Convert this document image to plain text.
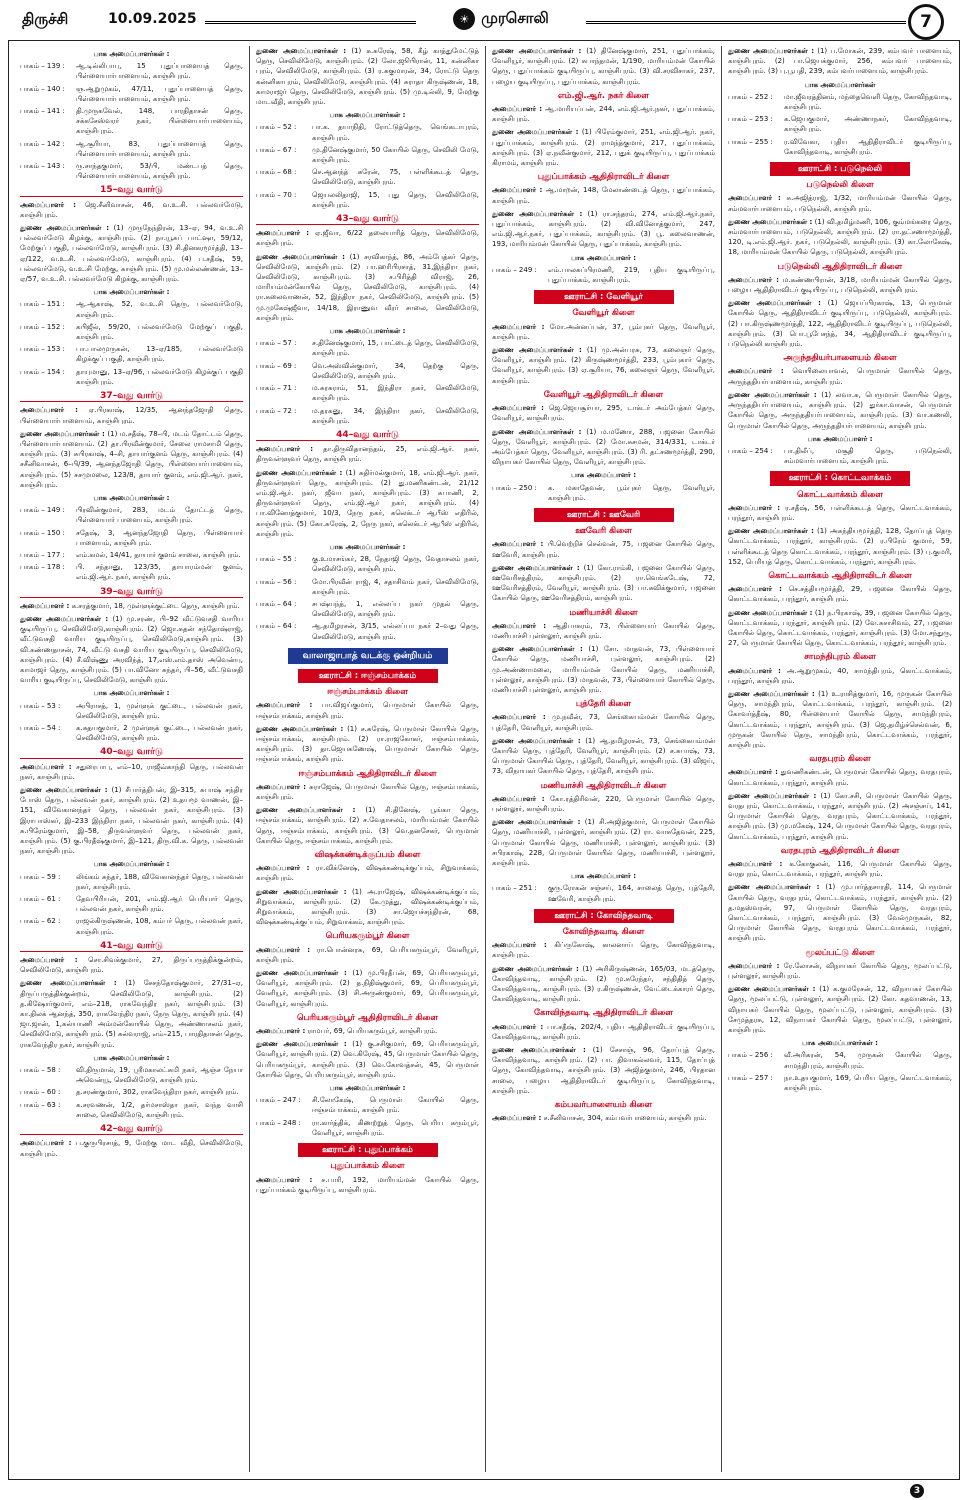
திருச்சி	10.09.2025	☀ முரசொலி	7
பாக அமைப்பாளர்கள் :
பாகம் – 139 :	ஆ.டில்லிபாபு, 15 புதுப்பாளையத் தெரு, பிள்ளையார்பாளையம், காஞ்சிபுரம்.
பாகம் – 140 :	ஞ.ஆறுமுகம், 47/11, புதுப்பாளையத் தெரு, பிள்ளையார்பாளையம், காஞ்சிபுரம்.
பாகம் – 141 :	தி.முருகவேல், 148, பாரதிதாசன் தெரு, சக்கசேஸ்வரர் நகர், பிள்ளையார்பாளையம், காஞ்சிபுரம்.
பாகம் – 142 :	ஆ.சூரியா, 83, புதுப்பாளையத் தெரு, பிள்ளையார்பாளையம், காஞ்சிபுரம்.
பாகம் – 143 :	ரு.சாந்தகுமார், 53/பி, மண்டபத் தெரு, பிள்ளையார்பாளையம், காஞ்சிபுரம்.
15–வது வார்டு
அமைப்பாளர் : ஜெ.சீனிவாசன், 46, வ.உ.சி. பல்லவர்மேடு, காஞ்சிபுரம்.
துணை அமைப்பாளர்கள் : (1) முருநேந்திரன், 13–ஏ, 94, வ.உ.சி பல்லவர்மேடு கிழக்கு, காஞ்சிபுரம். (2) நா.யூசுப் பாட்ஷா, 59/12, மேற்குப் பகுதி, பல்லவர்மேடு, காஞ்சிபுரம். (3) சி.தினகரமூர்த்தி, 13–ஏ/122, வ.உ.சி. பல்லவர்மேடு, காஞ்சிபுரம். (4) ப.சதீஷ், 59, பல்லவர்மேடு, வ.உ.சி மேற்கு, காஞ்சிபுரம். (5) மு.மல்லண்ணன், 13–ஏ/57, வ.உ.சி. பல்லவர்மேடு கிழக்கு, காஞ்சிபுரம்.
பாக அமைப்பாளர்கள் :
பாகம் – 151 :	ஆ.ஆகாஷ், 52, வ.உ.சி தெரு, பல்லவர்மேடு, காஞ்சிபுரம்.
பாகம் – 152 :	கபிஜீல், 59/20, பல்லவர்மேடு மேற்குப் பகுதி, காஞ்சிபுரம்.
பாகம் – 153 :	பா.பாலமுருகன், 13–ஏ/185, பல்லவர்மேடு கிழக்குப் பகுதி, காஞ்சிபுரம்.
பாகம் – 154 :	தாயுமானு, 13–ஏ/96, பல்லவர்மேடு கிழக்குப் பகுதி காஞ்சிபுரம்.
37–வது வார்டு
அமைப்பாளர் : ஏ.பிரகாஷ், 12/35, ஆனந்தஜோதி தெரு, பிள்ளையார்பாளையம், காஞ்சிபுரம்.
துணை அமைப்பாளர்கள் : (1) ம.சதீஷ், 78–பி, மடம் தோட்டம் தெரு, பிள்ளையார்பாளையம். (2) தா.பிரவீன்குமார், சேலை ராமசாமி தெரு, காஞ்சிபுரம். (3) சுபிரகாஷ், 4–சி, தாயார்குளம் தெரு, காஞ்சிபுரம். (4) சசீனிவாசன், 6–பி/39, ஆனந்தஜோதி தெரு, பிள்ளையார்பாளையம், காஞ்சிபுரம். (5) சசமுமலை, 123/8, தாயார் குளம், எம்.ஜி.ஆர். நகர், காஞ்சிபுரம்.
பாக அமைப்பாளர்கள் :
பாகம் – 149 :	பிரவின்குமார், 283, மடம் தோட்டத் தெரு, பிள்ளையார் பாளையம், காஞ்சிபுரம்.
பாகம் – 150 :	சதேஷ், 3, ஆனந்தஜோதி தெரு, பிள்ளையார் பாளையம், காஞ்சிபுரம்.
பாகம் – 177 :	எம்.கமல், 14/41, தாயார் குளம் சாலை, காஞ்சிபுரம்.
பாகம் – 178 :	பி. சந்தானு, 123/35, தாயாரம்மன் குளம், எம்.ஜி.ஆர். நகர், காஞ்சிபுரம்.
39–வது வார்டு
அமைப்பாளர் : க.சரத்குமார், 18, முள்ளுக்குட்டை தெரு, காஞ்சிபுரம்.
துணை அமைப்பாளர்கள் : (1) மு.சரண், பி–92 வீட்டுவசதி வாரிய குடியிருப்பு, செவிலிமேடு,காஞ்சிபுரம். (2) ஜொ.சுதன் சந்தோஷ்ராஜ், வீட்டுவசதி வாரிய குடியிருப்பு, செவிலிமேடு,காஞ்சிபுரம். (3) வி.கண்ணதாசன், 74, வீட்டு வசதி வாரிய குடியிருப்பு, செவிலிமேடு, காஞ்சிபுரம். (4) சீ.விஷ்ணு அரவிந்த், 17,எஸ்.எம்.தாஸ் அவென்யு, காமாஜர் தெரு, காஞ்சிபுரம். (5) பா.வினோ சுந்தர், பி–56, வீட்டுவசதி வாரிய குடியிருப்பு, செவிலிமேடு, காஞ்சிபுரம்.
பாக அமைப்பாளர்கள் :
பாகம் – 53 :	அபிராசத், 1, முள்ளுக் குட்டை, பல்லவன் நகர், செவிலிமேடு, காஞ்சிபுரம்.
பாகம் – 54 :	க.சுதயகுமார், 2 முள்ளுக் குட்டை, பல்லவன் நகர், செவிலிமேடு, காஞ்சிபுரம்.
40–வது வார்டு
அமைப்பாளர் : சதுரைபாபு, எம்–10, ராஜீவ்காந்தி தெரு, பல்லவன் நகர், காஞ்சிபுரம்.
துணை அமைப்பாளர்கள் : (1) சீபார்த்திபன், இ–315, சுபாஷ் சந்திர போஸ் தெரு, பல்லவன் நகர், காஞ்சிபுரம். (2) உதயமூ வாணன், இ–151, விவேகானந்தர் தெரு, பல்லவன் நகர், காஞ்சிபுரம். (3) இராபாஸ்கர், இ–233 இந்திரா நகர், பல்லவன் நகர், காஞ்சிபுரம். (4) சு.பிரேம்குமார், இ–58, திருவள்ளுவர் தெரு, பல்லவன் நகர், காஞ்சிபுரம். (5) கு.பிரதீஷ்குமார், இ–121, திரு.வி.க. தெரு, பல்லவன் நகர், காஞ்சிபுரம்.
பாக அமைப்பாளர்கள் :
பாகம் – 59 :	லிங்கம் சுந்தர், 188, விவேகானந்தர் தெரு, பல்லவன் நகர், காஞ்சிபுரம்.
பாகம் – 61 :	தேவபிரியன், 201, எம்.ஜி.ஆர் பெரியார் தெரு, பல்லவன் நகர், காஞ்சிபுரம்.
பாகம் – 62 :	ராஜல்கிருஷ்ணன், 108, கம்பர் தெரு, பல்லவன் நகர், காஞ்சிபுரம்.
41–வது வார்டு
அமைப்பாளர் : சொ.சிவக்குமார், 27, திருப்பருத்திக்குன்றம், செவிலிமேடு, காஞ்சிபுரம்.
துணை அமைப்பாளர்கள் : (1) சேசந்தோஷ்குமார், 27/31–ஏ, திருப்பருத்திக்குன்றம், செவிலிமேடு, காஞ்சிபுரம். (2) த.கிஷோர்குமார், எம்–218, ராகவேந்திர நகர், காஞ்சிபுரம். (3) கா.திலக் ஆனந்த், 350, ராகவேந்திர நகர், நேரு தெரு, காஞ்சிபுரம். (4) ஜா.ஜான், 1,சுல்யாணி அம்மன்கோயில் தெரு, அண்ணாசலம் நகர், செவிலிமேடு, காஞ்சிபுரம். (5) சுல்வராஜ், எம்–215, பாரதிதாசன் தெரு, ராகவேந்திர நகர், காஞ்சிபுரம்.
பாக அமைப்பாளர்கள் :
பாகம் – 58 :	வி.திருமால், 19, ஸ்ரீமகாலட்சுமி நகர், ஆஞ்ச நேயா அவென்யூ, செவிலிமேடு, காஞ்சிபுரம்.
பாகம் – 60 :	த.சரண்குமார், 302, ராகவேந்திரா நகர், காஞ்சிபுரம்.
பாகம் – 63 :	க.சரவணன், 1/2, தர்மசாஸ்தா நகர், வந்த வாசி சாலை, செவிலிமேடு, காஞ்சிபுரம்.
42–வது வார்டு
அமைப்பாளர் : ப.குருபிரசாத், 9, மேற்கு மாட வீதி, செவிலிமேடு, காஞ்சிபுரம்.
துணை அமைப்பாளர்கள் : (1) சு.சுரேஷ், 58, கீழ் காத்துமேட்டுத் தெரு, செவிலிமேடு, காஞ்சிபுரம். (2) லோ.ஜூபிரான், 11, கன்னிகா புரம், செவிலிமேடு, காஞ்சிபுரம். (3) ர.சுகுமாரன், 34, ரோட்டு தெரு கன்னிகாபுரம், செவிலிமேடு, காஞ்சிபுரம். (4) சுராதா கிருஷ்ணன், 18, காமராஜர் தெரு, செவிலிமேடு, காஞ்சிபுரம். (5) மு.டில்லி, 9, மேற்கு மாடவீதி, காஞ்சிபுரம்.
பாக அமைப்பாளர்கள் :
பாகம் – 52 :	பா.க. தயாநிதி, ரோட்டுத்தெரு, வெங்கடாபுரம், காஞ்சிபுரம்.
பாகம் – 67 :	மு.தினேஷ்குமார், 50 கோயில் தெரு, செவிலி மேடு, காஞ்சிபுரம்.
பாகம் – 68 :	செ.ஆனந்த் சுரேன், 75, பள்ளிக்கூடத் தெரு, செவிலிமேடு, காஞ்சிபுரம்.
பாகம் – 70 :	ஜெயலலிதாஜி, 15, புது தெரு, செவிலிமேடு, காஞ்சிபுரம்.
43–வது வார்டு
அமைப்பாளர் : ஏ.ஜீவா, 6/22 தலையாரித் தெரு, செவிலிமேடு, காஞ்சிபுரம்.
துணை அமைப்பாளர்கள் : (1) சரவிகாந்த், 86, அம்பேத்கர் தெரு, செவிலிமேடு, காஞ்சிபுரம். (2) பா.ஹரிபிரசாத், 31,இந்திரா நகர், செவிலிமேடு, காஞ்சிபுரம். (3) ச.பிரித்தி விராஜ், 26, மாரியம்மன்கோயில் தெரு, செவிலிமேடு, காஞ்சிபுரம். (4) ரா.கலைவாணன், 52, இந்திரா நகர், செவிலிமேடு, காஞ்சிபுரம். (5) மு.முகேஷ்ஜீவா, 14/18, இராணுவ வீரர் சாலை, செவிலிமேடு, காஞ்சிபுரம்.
பாக அமைப்பாளர்கள் :
பாகம் – 57 :	ச.தினேஷ்குமார், 15, பாட்டைத் தெரு, செவிலிமேடு, காஞ்சிபுரம்.
பாகம் – 69 :	வெ.அஸ்வின்குமார், 34, தெற்கு தெரு, செவிலிமேடு, காஞ்சிபுரம்.
பாகம் – 71 :	ம.சுரசுராம், 51, இந்திரா நகர், செவிலிமேடு, காஞ்சிபுரம்.
பாகம் – 72 :	ம.தரகனு, 34, இந்திரா நகர், செவிலிமேடு, காஞ்சிபுரம்.
44–வது வார்டு
அமைப்பாளர் : தா.திருவிதானந்தம், 25, எம்.ஜி.ஆர். நகர், திருவள்ளுவர் தெரு, காஞ்சிபுரம்.
துணை அமைப்பாளர்கள் : (1) சுதிர்மல்குமார், 18, எம்.ஜி.ஆர். நகர், திருவள்ளுவர் தெரு, காஞ்சிபுரம். (2) து.மணிகண்டன், 21/12 எம்.ஜி.ஆர். நகர், ஜீவா நகர், காஞ்சிபுரம். (3) சுபாணி, 2, திருவள்ளுவர் தெரு, எம்.ஜி.ஆர் நகர், காஞ்சிபுரம். (4) பா.வினோத்குமார், 10/3, நேரு நகர், கலெக்டர் ஆபீஸ் எதிரில், காஞ்சிபுரம். (5) கோ.சுரேஷ், 2, நேரு நகர், கலெக்டர் ஆபீஸ் எதிரில், காஞ்சிபுரம்.
பாக அமைப்பாளர்கள் :
பாகம் – 55 :	கு.உமாசங்கர், 28, நேதாஜி தெரு, வேதாசலம் நகர், செவிலிமேடு, காஞ்சிபுரம்.
பாகம் – 56 :	மோ.பிரவீன் ராஜ், 4, சதாசிவம் நகர், செவிலிமேடு, காஞ்சிபுரம்.
பாகம் – 64 :	சபஷ்யந்த், 1, எல்லப்ப நகர் முதல் தெரு, செவிலிமேடு, காஞ்சிபுரம்.
பாகம் – 64 :	ஆ.தமிழரசன், 3/15, எல்லப்பா நகர் 2–வது தெரு, செவிலிமேடு, காஞ்சிபுரம்.
வாலாஜாபாத் வடக்கு ஒன்றியம்
ஊராட்சி : ஈஞ்சம்பாக்கம்
ஈஞ்சம்பாக்கம் கிளை
அமைப்பாளர் : பா.விஜய்குமார், பெருமாள் கோயில் தெரு, ஈஞ்சம்பாக்கம், காஞ்சிபுரம்.
துணை அமைப்பாளர்கள் : (1) ச.சுரேஷ், பெருமாள் கோயில் தெரு, ஈஞ்சம்பாக்கம், காஞ்சிபுரம். (2) ரா.ராஜகோகர், ஈஞ்சம்பாக்கம், காஞ்சிபுரம். (3) தா.ஜெயகணேஷ், பெருமாள் கோயில் தெரு, ஈஞ்சம்பாக்கம், காஞ்சிபுரம்.
ஈஞ்சம்பாக்கம் ஆதிதிராவிடர் கிளை
அமைப்பாளர் : சுராஜேஷ், பெருமாள் கோயில் தெரு, ஈஞ்சம்பாக்கம், காஞ்சிபுரம்.
துணை அமைப்பாளர்கள் : (1) சி.தினேஷ், பூங்கா தெரு, ஈஞ்சம்பாக்கம், காஞ்சிபுரம். (2) ச.வேதாசலம், மாரியம்மன் கோயில் தெரு, ஈஞ்சம்பாக்கம், காஞ்சிபுரம். (3) வெ.தனசேகர், பெருமாள் கோயில் தெரு, ஈஞ்சம்பாக்கம், காஞ்சிபுரம்.
விஷக்கண்டிக்குப்பம் கிளை
அமைப்பாளர் : ரா.விக்னேஷ், விஷக்கண்டிக்குப்பம், சிறுவாக்கம், காஞ்சிபுரம்.
துணை அமைப்பாளர்கள் : (1) அ.ராஜேஷ், விஷக்கண்டிக்குப்பம், சிறுவாக்கம், காஞ்சிபுரம். (2) கே.முத்து, விஷக்கண்டிக்குப்பம், சிறுவாக்கம், காஞ்சிபுரம். (3) சா.ஜெயச்சந்திரன், 68, விஷக்கண்டிக்குப்பம், சிறுவாக்கம், காஞ்சிபுரம்.
பெரியகரும்பூர் கிளை
அமைப்பாளர் : ரா.பொன்னரசு, 69, பெரியகரும்பூர், வேளியூர், காஞ்சிபுரம்.
துணை அமைப்பாளர்கள் : (1) மு.பிரதீபன், 69, பெரியகரும்பூர், வேளியூர், காஞ்சிபுரம். (2) த.நிதிஷ்குமார், 69, பெரியகரும்பூர், வேளியூர், காஞ்சிபுரம். (3) சி.அருண்குமார், 69, பெரியகரும்பூர், வேளியூர், காஞ்சிபுரம்.
பெரியகரும்பூர் ஆதிதிராவிடர் கிளை
அமைப்பாளர் : ராமபர், 69, பெரியகரும்பூர், காஞ்சிபுரம்.
துணை அமைப்பாளர்கள் : (1) கு.சசிகுமார், 69, பெரியகரும்பூர், வேளியூர், காஞ்சிபுரம். (2) வெ.கிரேஷ், 45, பெருமாள் கோயில் தெரு, பெரியகரும்பூர், காஞ்சிபுரம். (3) வெ.கோவத்சன், 45, பெருமாள் கோயில் தெரு, பெரியகரும்பூர், காஞ்சிபுரம்.
பாக அமைப்பாளர்கள் :
பாகம் – 247 :	சி.லோகேஷ், பெருமாள் கோயில் தெரு, ஈஞ்சம்பாக்கம், காஞ்சிபுரம்.
பாகம் – 248 :	ரா.கார்த்திக், கிணற்றுத் தெரு, பெரிய கரும்பூர், வேளியூர், காஞ்சிபுரம்.
ஊராட்சி : புதுப்பாக்கம்
புதுப்பாக்கம் கிளை
அமைப்பாளர் : ச.பாரி, 192, மாரியம்மன் கோயில் தெரு, புதுப்பாக்கம் குடியிருப்பு, காஞ்சிபுரம்.
துணை அமைப்பாளர்கள் : (1) தினேஷ்குமார், 251, புதுப்பாக்கம், வேளியூர், காஞ்சிபுரம். (2) சுபாந்தமன், 1/190, மாரியம்மன் கோயில் தெரு, புதுப்பாக்கம் குடியிருப்பு, காஞ்சிபுரம். (3) வி.சரவிசாகர், 237, பழைய குடியிருப்பு, புதுப்பாக்கம், காஞ்சிபுரம்.
எம்.ஜி.ஆர். நகர் கிளை
அமைப்பாளர் : ஆ.மாரியப்பன், 244, எம்.ஜி.ஆர்.நகர், புதுப்பாக்கம், காஞ்சிபுரம்.
துணை அமைப்பாளர்கள் : (1) பிரேம்குமார், 251, எம்.ஜி.ஆர். நகர், புதுப்பாக்கம், காஞ்சிபுரம். (2) ராமந்த்குமார், 217, புதுப்பாக்கம், காஞ்சிபுரம். (3) ஏ.நவீன்குமார், 212, புதுக் குடியிருப்பு, புதுப்பாக்கம் கிராமம், காஞ்சிபுரம்.
புதுப்பாக்கம் ஆதிதிராவிடர் கிளை
அமைப்பாளர் : ஆ.மாறன், 148, மேலாண்டைத் தெரு, புதுப்பாக்கம், காஞ்சிபுரம்.
துணை அமைப்பாளர்கள் : (1) ரா.சந்தரம், 274, எம்.ஜி.ஆர்.நகர், புதுப்பாக்கம், காஞ்சிபுரம். (2) வி.வினோத்குமார், 247, எம்.ஜி.ஆர்.நகர், புதுப்பாக்கம், காஞ்சிபுரம். (3) பூ. கலைவாணன், 193, மாரியம்மன் கோயில் தெரு, புதுப்பாக்கம், காஞ்சிபுரம்.
பாக அமைப்பாளர் :
பாகம் – 249 :	எம்.பாலசுப்பிரமணி, 219, புதிய குடியிருப்பு, புதுப்பாக்கம், காஞ்சிபுரம்.
ஊராட்சி : வேளியூர்
வேளியூர் கிளை
அமைப்பாளர் : மோ.அன்னப்பன், 37, பூம்புகர் தெரு, வேளியூர், காஞ்சிபுரம்.
துணை அமைப்பாளர்கள் : (1) மு.அன்பரசு, 73, கலைஞர் தெரு, வேளியூர், காஞ்சிபுரம். (2) கிருஷ்ணமூர்த்தி, 233, பூம்புகார் தெரு, வேளியூர், காஞ்சிபுரம். (3) ஏ.சூரியா, 76, கலைஞர் தெரு, வேளியூர், காஞ்சிபுரம்.
வேளியூர் ஆதிதிராவிடர் கிளை
அமைப்பாளர் : ஜெ.ஜெயசூர்யா, 295, டாக்டர் அம்பேத்கர் தெரு, வேளியூர், காஞ்சிபுரம்.
துணை அமைப்பாளர்கள் : (1) ம.மணோ, 288, பஜனை கோயில் தெரு, வேளியூர், காஞ்சிபுரம். (2) மோ.சுசமன், 314/331, டாக்டர் அம்பேத்கர் தெரு, வேளியூர், காஞ்சிபுரம். (3) ரி. தட்சணமூர்த்தி, 290, விநாயகர் கோயில் தெரு, வேளியூர், காஞ்சிபுரம்.
பாக அமைப்பாளர் :
பாகம் – 250 :	க. மகாதேவன், பூம்புகர் தெரு, வேளியூர், காஞ்சிபுரம்.
ஊராட்சி : ஊவேரி
ஊவேரி கிளை
அமைப்பாளர் : பி.வெற்றிச் செல்வன், 75, பஜனை கோயில் தெரு, ஊவேரி, காஞ்சிபுரம்.
துணை அமைப்பாளர்கள் : (1) கோ.ராம்கி, பஜனை கோயில் தெரு, ஊவேரிசத்திரம், காஞ்சிபுரம். (2) ரா.வெங்கடேஷ், 72, ஊவேரிசத்திரம், வேளியூர், காஞ்சிபுரம். (3) பா.சுவிக்குமார், பஜனை கோயில் தெரு, ஊவேரிசத்திரம், காஞ்சிபுரம்.
மணியாச்சி கிளை
அமைப்பாளர் : ஆதிபாசுரம், 73, பிள்ளையார் கோயில் தெரு, மணியாச்சி புள்ளலூர், காஞ்சிபுரம்.
துணை அமைப்பாளர்கள் : (1) சோ. மாதவன், 73, பிள்ளையார் கோயில் தெரு, மணியாச்சி, புள்ளலூர், காஞ்சிபுரம். (2) மு.அண்ணாமலை, மாரியம்மன் கோயில் தெரு, மணியாச்சி, புள்ளலூர், காஞ்சிபுரம். (3) மாதவன், 73, பிள்ளையார் கோயில் தெரு, மணியாச்சி புள்ளலூர், காஞ்சிபுரம்.
புத்தேரி கிளை
அமைப்பாளர் : மு.நவீன், 73, செங்கையம்மன் கோயில் தெரு, புத்தேரி, வேளியூர், காஞ்சிபுரம்.
துணை அமைப்பாளர்கள் : (1) ஆ.தமிழரசன், 73, செங்கையம்மன் கோயில் தெரு, புத்தேரி, வேளியூர், காஞ்சிபுரம். (2) ச.சுபாஷ், 73, பெருமாள் கோயில் தெரு, புத்தேரி, வேளியூர், காஞ்சிபுரம். (3) விஜய், 73, விநாயகர் கோயில் தெரு, புத்தேரி, காஞ்சிபுரம்.
மணியாச்சி ஆதிதிராவிடர் கிளை
அமைப்பாளர் : கோ.ரத்திரிவன், 220, பெருமாள் கோயில் தெரு, புள்ளலூர், காஞ்சிபுரம்.
துணை அமைப்பாளர்கள் : (1) சி.அஜித்குமார், பெருமாள் கோயில் தெரு, மணியாச்சி, புள்ளலூர், காஞ்சிபுரம். (2) ரா. வாசுதேவன், 225, பெருமாள் கோயில் தெரு, மணியாச்சி, புள்ளலூர், காஞ்சிபுரம். (3) சபிரகாஷ், 228, பெருமாள் கோயில் தெரு, மணியாச்சி, புள்ளலூர், காஞ்சிபுரம்.
பாக அமைப்பாளர் :
பாகம் – 251 :	குரு.ரோகன் சஞ்சய், 164, சாலைத் தெரு, புத்தேரி, ஊவேரி, காஞ்சிபுரம்.
ஊராட்சி : கோவிந்தவாடி
கோவிந்தவாடி கிளை
அமைப்பாளர் : கிப்ருகோஷ், காலனாய் தெரு, கோவிந்தவாடி, காஞ்சிபுரம்.
துணை அமைப்பாளர்கள் : (1) அரிகிருஷ்ணன், 165/03, மடத்தெரு, கோவிந்தவாடி, காஞ்சிபுரம். (2) மு.சுரேந்தர், சந்திதித் தெரு, கோவிந்தவாடி, காஞ்சிபுரம். (3) ர.கிருஷ்ணன், வேட்டைக்காரர் தெரு, கோவிந்தவாடி, காஞ்சிபுரம்.
கோவிந்தவாடி ஆதிதிராவிடர் கிளை
அமைப்பாளர் : பா.சதீஷ், 202/4, புதிய ஆதிதிராவிடர் குடியிருப்பு, கோவிந்தவாடி, காஞ்சிபுரம்.
துணை அமைப்பாளர்கள் : (1) சேசாஞ், 96, தோப்புத் தெரு, கோவிந்தவாடி, காஞ்சிபுரம். (2) பா. திவாகல்லவர், 115, தோப்புத் தெரு, கோவிந்தவாடி, காஞ்சிபுரம். (3) அஜித்குமார், 246, பிரதான சாலை, பழைய ஆதிதிராவிடர் குடியிருப்பு, கோவிந்தவாடி, காஞ்சிபுரம்.
கம்பவர்பாளையம் கிளை
அமைப்பாளர் : ச.சீனிவாசன், 304, கம்பவர்பாளையம், காஞ்சிபுரம்.
துணை அமைப்பாளர்கள் : (1) ப.மோகன், 239, கம்பவர் பாளையம், காஞ்சிபுரம். (2) பா.ஜெயக்குமார், 256, கம்பவர் பாளையம், காஞ்சிபுரம். (3) பு.பூபதி, 239, கம்பவர்பாளையம், காஞ்சிபுரம்.
பாக அமைப்பாளர்கள்
பாகம் – 252 :	மா.ஜீவரத்தினம், மந்தைவெளி தெரு, கோவிந்தவாடி, காஞ்சிபுரம்.
பாகம் – 253 :	க.ஜெயகுமார், அண்ணாநகர், கோவிந்தவாடி, காஞ்சிபுரம்.
பாகம் – 255 :	ர.விவேகா, புதிய ஆதிதிராவிடர் குடியிருப்பு, கோவிந்தவாடி, காஞ்சிபுரம்.
ஊராட்சி : படுநெல்லி
படுநெல்லி கிளை
அமைப்பாளர் : சு.அஜித்ராஜ், 1/32, மாரியம்மன் கோயில் தெரு, சம்மவார்பாளையம், படுநெல்லி, காஞ்சிபுரம்.
துணை அமைப்பாளர்கள் : (1) வி.தமிழ்மணி, 106, கும்மங்கரை தெரு, சம்மவார்பாளையம், படுநெல்லி, காஞ்சிபுரம். (2) ரா.தட்சணாமூர்த்தி, 120, டி.எம்.ஜி.ஆர். நகர், படுநெல்லி, காஞ்சிபுரம். (3) கா.லோகேஷ், 18, மாரியம்மன் கோயில் தெரு, படுநெல்லி, காஞ்சிபுரம்.
படுநெல்லி ஆதிதிராவிடர் கிளை
அமைப்பாளர் : ம.கண்ணபிரான், 3/18, மாரியம்மன் கோயில் தெரு, பழைய ஆதிதிராவிடர் குடியிருப்பு, படுநெல்லி, காஞ்சிபுரம்.
துணை அமைப்பாளர்கள் : (1) ஜெயப்பிரகாஷ், 13, பெருமாள் கோயில் தெரு, ஆதிதிராவிடர் குடியிருப்பு, படுநெல்லி, காஞ்சிபுரம். (2) பா.கிருஷ்ணமூர்த்தி, 122, ஆதிதிராவிடர் குடியிருப்பு, படுநெல்லி, காஞ்சிபுரம். (3) பொ.பூபேசந்த், 34, ஆதிதிராவிடர் குடியிருப்பு, படுநெல்லி காஞ்சிபுரம்.
அருந்ததியர்பாளையம் கிளை
அமைப்பாளர் : வெயிலையாவல், பெருமாள் கோயில் தெரு, அருந்ததியர்பாளையம், காஞ்சிபுரம்.
துணை அமைப்பாளர்கள் : (1) லவா.சு, பெருமாள் கோயில் தெரு, அருந்ததியர்பாளையம், காஞ்சிபுரம். (2) துர்கா.வாசன், பெருமாள் கோயில் தெரு, அருந்ததியர்பாளையம், காஞ்சிபுரம். (3) வா.கணலி, பெருமாள் கோயில் தெரு, அருந்ததியர்பாளையம், காஞ்சிபுரம்.
பாக அமைப்பாளர் :
பாகம் – 254 :	பா.திலீப், மசூதி தெரு, படுநெல்லி, சம்மவார்பாளையம், காஞ்சிபுரம்.
ஊராட்சி : கொட்டவாக்கம்
கொட்டவாக்கம் கிளை
அமைப்பாளர் : ர.சதீஷ், 56, பள்ளிக்கூடத் தெரு, கொட்டவாக்கம், பரந்தூர், காஞ்சிபுரம்.
துணை அமைப்பாளர்கள் : (1) அசுந்தியமூர்த்தி, 128, தோப்புத் தெரு கொட்டவாக்கம், பரந்தூர், காஞ்சிபுரம். (2) ர.பிரேம் குமார், 59, பள்ளிக்கூடத் தெரு கொட்டவாக்கம், பரந்தூர், காஞ்சிபுரம். (3) பு.குமரி, 152, பெரியத் தெரு, கொட்டவாக்கம், பரந்தூர், காஞ்சிபுரம்.
கொட்டவாக்கம் ஆதிதிராவிடர் கிளை
அமைப்பாளர் : செ.சத்தியமூர்த்தி, 29, பஜனை கோயில் தெரு, கொட்டவாக்கம், பரந்தூர், காஞ்சிபுரம்.
துணை அமைப்பாளர்கள் : (1) ந.பிரகாஷ், 39, பஜனை கோயில் தெரு, கொட்டவாக்கம், பரந்தூர், காஞ்சிபுரம். (2) வே.சுசாசிவம், 27, பஜனை கோயில் தெரு, கொட்டவாக்கம், பரந்தூர், காஞ்சிபுரம். (3) மோ.சந்துரு, 27, பெருமாள் கோயில் தெரு, கொட்டவாக்கம், பரந்தூர், காஞ்சிபுரம்.
சாமந்திபுரம் கிளை
அமைப்பாளர் : அ.ஆறுமுகம், 40, சாமந்திபுரம், கொட்டவாக்கம், பரந்தூர், காஞ்சிபுரம்.
துணை அமைப்பாளர்கள் : (1) உ.ராசித்குமார், 16, முருகன் கோயில் தெரு, சாமந்திபுரம், கொட்டவாக்கம், பரந்தூர், காஞ்சிபுரம். (2) கோவர்த்தீஷ், 80, பிள்ளையார் கோயில் தெரு, சாமந்திபுரம், கொட்டவாக்கம், பரந்தூர், காஞ்சிபுரம். (3) ஜெ.தமிழ்ச்செல்வன், 6, முருகன் கோயில் தெரு, சாமந்திபுரம், கொட்டவாக்கம், பரந்தூர், காஞ்சிபுரம்.
வரதபுரம் கிளை
அமைப்பாளர் : துவணிகண்டன், பெருமாள் கோயில் தெரு, வரதபுரம், கொட்டவாக்கம், பரந்தூர், காஞ்சிபுரம்.
துணை அமைப்பாளர்கள் : (1) கோ.சசி, பெருமாள் கோயில் தெரு, வரதபுரம், கொட்டவாக்கம், பரந்தூர், காஞ்சிபுரம். (2) அசஞ்சய், 141, பெருமாள் கோயில் தெரு, வரதபுரம், கொட்டவாக்கம், பரந்தூர், காஞ்சிபுரம். (3) மு.மகேஷ், 124, பெருமாள் கோயில் தெரு, வரதபுரம், கொட்டவாக்கம், பரந்தூர், காஞ்சிபுரம்.
வரதபுரம் ஆதிதிராவிடர் கிளை
அமைப்பாளர் : க.கோகுலன், 116, பெருமாள் கோயில் தெரு, வரதபுரம், கொட்டவாக்கம், பரந்தூர், காஞ்சிபுரம்.
துணை அமைப்பாளர்கள் : (1) மு.பார்த்தசாரதி, 114, பெருமாள் கோயில் தெரு, வரதபுரம், கொட்டவாக்கம், பரந்தூர், காஞ்சிபுரம். (2) த.மதஸ்வரன், 97, பெருமாள் கோயில் தெரு, வரதபுரம், கொட்டவாக்கம், பரந்தூர், காஞ்சிபுரம். (3) வேல்முருகன், 82, பெருமாள் கோயில் தெரு, வரதபுரம் கொட்டவாக்கம், பரந்தூர், காஞ்சிபுரம்.
மூலப்பட்டு கிளை
அமைப்பாளர் : ரே.லோசன், விநாயகர் கோயில் தெரு, மூலப்பட்டு, புள்ளலூர், காஞ்சிபுரம்.
துணை அமைப்பாளர்கள் : (1) க.குமரேசன், 12, விநாயகர் கோயில் தெரு, மூலப்பட்டு, புள்ளலூர், காஞ்சிபுரம். (2) கோ. கதவாணன், 13, விநாயகர் கோயில் தெரு, மூலப்பட்டு, புள்ளலூர், காஞ்சிபுரம். (3) சேமுத்தரசு, 12, விநாயகர் கோயில் தெரு, மூலப்பட்டு, புள்ளலூர், காஞ்சிபுரம்.
பாக அமைப்பாளர்கள் :
பாகம் – 256 :	வீ.அரிகரன், 54, முருகன் கோயில் தெரு, சாமந்திபுரம், காஞ்சிபுரம்.
பாகம் – 257 :	நா.உதயகுமார், 169, பெரிய தெரு, கொட்டவாக்கம், காஞ்சிபுரம்.
3
